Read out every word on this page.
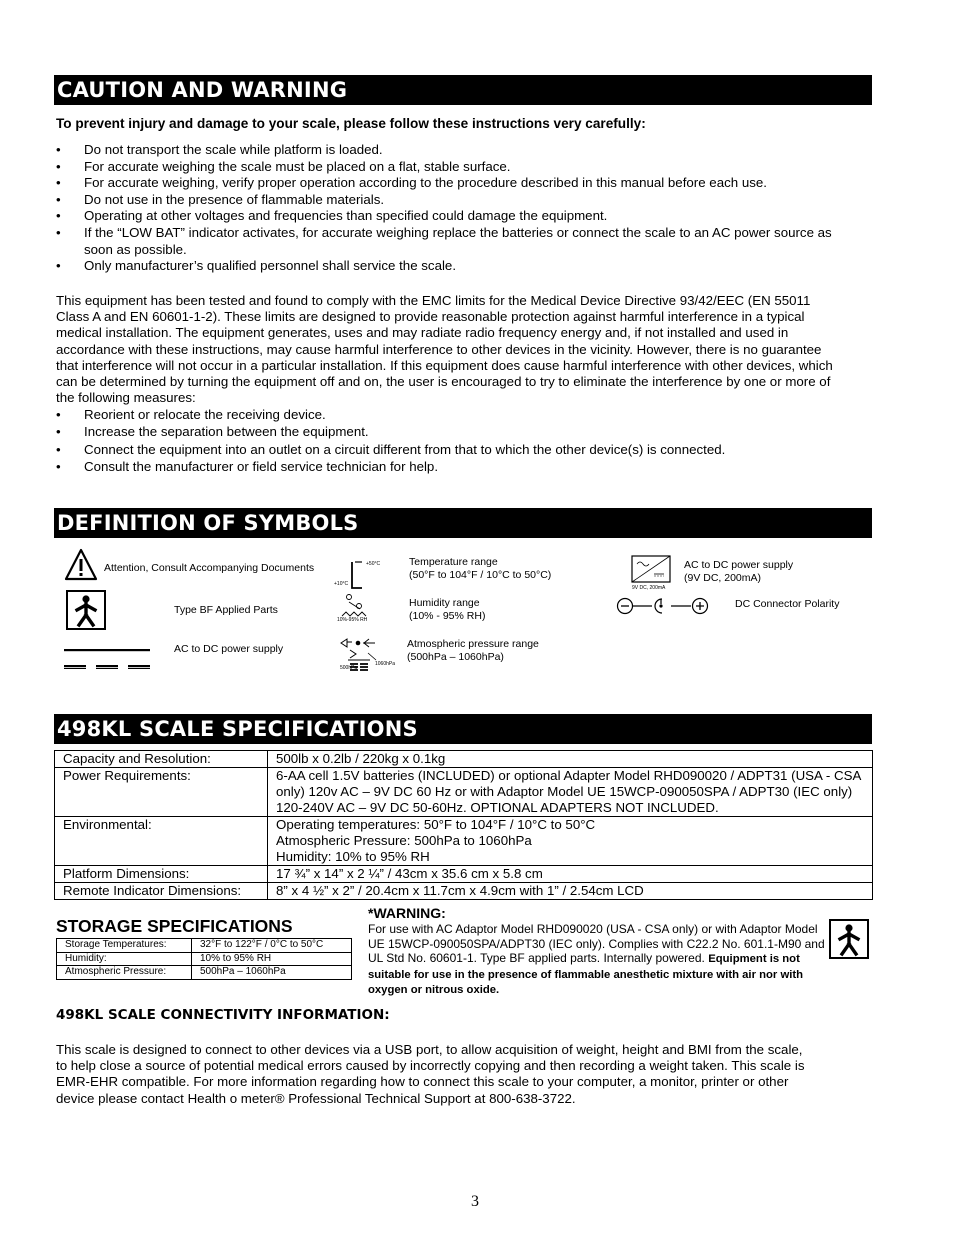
CAUTION AND WARNING
To prevent injury and damage to your scale, please follow these instructions very carefully:
• Do not transport the scale while platform is loaded.
• For accurate weighing the scale must be placed on a flat, stable surface.
• For accurate weighing, verify proper operation according to the procedure described in this manual before each use.
• Do not use in the presence of flammable materials.
• Operating at other voltages and frequencies than specified could damage the equipment.
• If the “LOW BAT” indicator activates, for accurate weighing replace the batteries or connect the scale to an AC power source as soon as possible.
• Only manufacturer’s qualified personnel shall service the scale.
This equipment has been tested and found to comply with the EMC limits for the Medical Device Directive 93/42/EEC (EN 55011 Class A and EN 60601-1-2). These limits are designed to provide reasonable protection against harmful interference in a typical medical installation. The equipment generates, uses and may radiate radio frequency energy and, if not installed and used in accordance with these instructions, may cause harmful interference to other devices in the vicinity. However, there is no guarantee that interference will not occur in a particular installation. If this equipment does cause harmful interference with other devices, which can be determined by turning the equipment off and on, the user is encouraged to try to eliminate the interference by one or more of the following measures:
• Reorient or relocate the receiving device.
• Increase the separation between the equipment.
• Connect the equipment into an outlet on a circuit different from that to which the other device(s) is connected.
• Consult the manufacturer or field service technician for help.
DEFINITION OF SYMBOLS
Attention, Consult Accompanying Documents
Type BF Applied Parts
AC to DC power supply
+50°C
+10°C
Temperature range
(50°F to 104°F / 10°C to 50°C)
10%-95% RH
Humidity range
(10% - 95% RH)
500hPa
1060hPa
Atmospheric pressure range
(500hPa – 1060hPa)
9V DC, 200mA
AC to DC power supply
(9V DC, 200mA)
DC Connector Polarity
498KL SCALE SPECIFICATIONS
Capacity and Resolution:	500lb x 0.2lb / 220kg x 0.1kg
Power Requirements:	6-AA cell 1.5V batteries (INCLUDED) or optional Adapter Model RHD090020 / ADPT31 (USA - CSA only) 120v AC – 9V DC 60 Hz or with Adaptor Model UE 15WCP-090050SPA / ADPT30 (IEC only) 120-240V AC – 9V DC 50-60Hz. OPTIONAL ADAPTERS NOT INCLUDED.
Environmental:	Operating temperatures: 50°F to 104°F / 10°C to 50°C
Atmospheric Pressure: 500hPa to 1060hPa
Humidity: 10% to 95% RH

Platform Dimensions:	17 ¾” x 14” x 2 ¼” / 43cm x 35.6 cm x 5.8 cm
Remote Indicator Dimensions:	8” x 4 ½” x 2” / 20.4cm x 11.7cm x 4.9cm with 1” / 2.54cm LCD
STORAGE SPECIFICATIONS
Storage Temperatures:	32°F to 122°F / 0°C to 50°C
Humidity:	10% to 95% RH
Atmospheric Pressure:	500hPa – 1060hPa
*WARNING:
For use with AC Adaptor Model RHD090020 (USA - CSA only) or with Adaptor Model UE 15WCP-090050SPA/ADPT30 (IEC only). Complies with C22.2 No. 601.1-M90 and UL Std No. 60601-1. Type BF applied parts. Internally powered. Equipment is not suitable for use in the presence of flammable anesthetic mixture with air nor with oxygen or nitrous oxide.
498KL SCALE CONNECTIVITY INFORMATION:
This scale is designed to connect to other devices via a USB port, to allow acquisition of weight, height and BMI from the scale, to help close a source of potential medical errors caused by incorrectly copying and then recording a weight taken. This scale is EMR-EHR compatible. For more information regarding how to connect this scale to your computer, a monitor, printer or other device please contact Health o meter® Professional Technical Support at 800-638-3722.
3
